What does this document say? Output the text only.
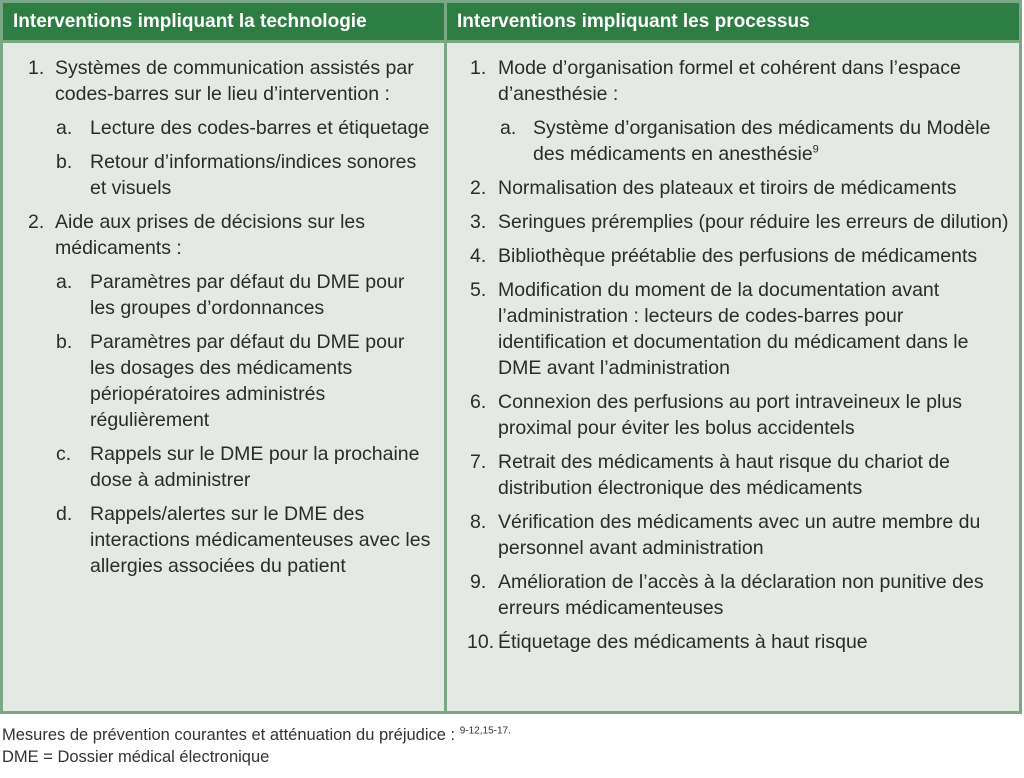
Interventions impliquant la technologie	Interventions impliquant les processus
1. Systèmes de communication assistés par codes-barres sur le lieu d’intervention :
a. Lecture des codes-barres et étiquetage
b. Retour d’informations/indices sonores et visuels
2. Aide aux prises de décisions sur les médicaments :
a. Paramètres par défaut du DME pour les groupes d’ordonnances
b. Paramètres par défaut du DME pour les dosages des médicaments périopératoires administrés régulièrement
c. Rappels sur le DME pour la prochaine dose à administrer
d. Rappels/alertes sur le DME des interactions médicamenteuses avec les allergies associées du patient
1. Mode d’organisation formel et cohérent dans l’espace d’anesthésie :
a. Système d’organisation des médicaments du Modèle des médicaments en anesthésie$^9$
2. Normalisation des plateaux et tiroirs de médicaments
3. Seringues préremplies (pour réduire les erreurs de dilution)
4. Bibliothèque préétablie des perfusions de médicaments
5. Modification du moment de la documentation avant l’administration : lecteurs de codes-barres pour identification et documentation du médicament dans le DME avant l’administration
6. Connexion des perfusions au port intraveineux le plus proximal pour éviter les bolus accidentels
7. Retrait des médicaments à haut risque du chariot de distribution électronique des médicaments
8. Vérification des médicaments avec un autre membre du personnel avant administration
9. Amélioration de l’accès à la déclaration non punitive des erreurs médicamenteuses
10. Étiquetage des médicaments à haut risque
Mesures de prévention courantes et atténuation du préjudice : $^{9-12,15-17.}$
DME = Dossier médical électronique
